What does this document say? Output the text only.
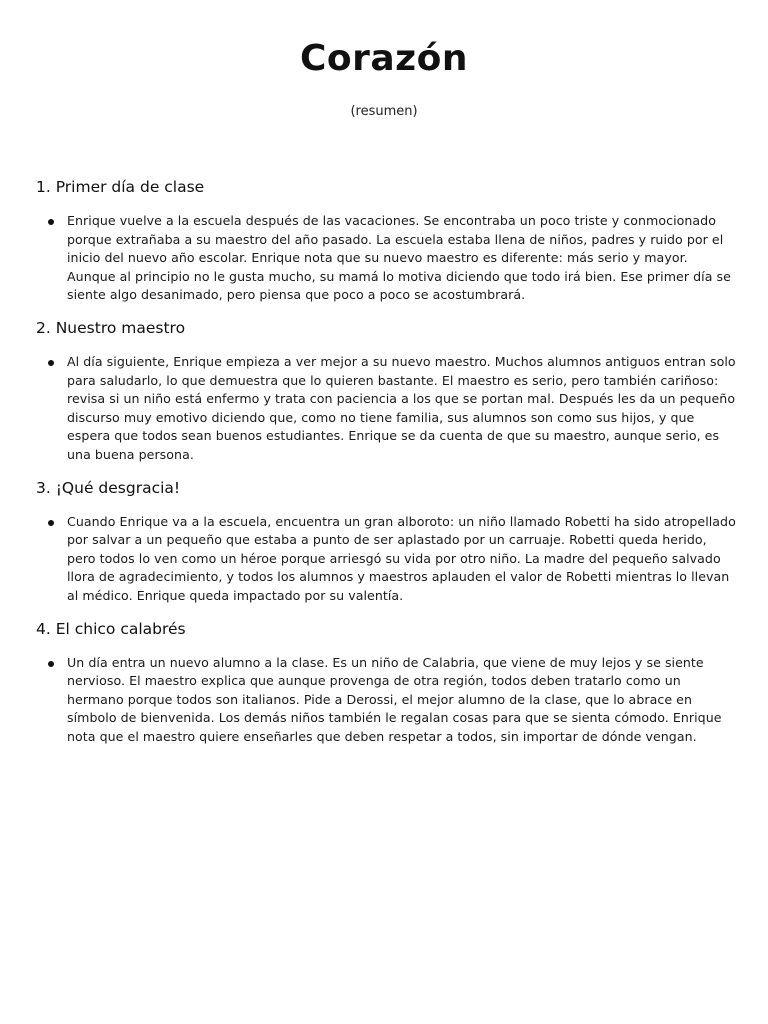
Corazón

(resumen)

1. Primer día de clase

Enrique vuelve a la escuela después de las vacaciones. Se encontraba un poco triste y conmocionado porque extrañaba a su maestro del año pasado. La escuela estaba llena de niños, padres y ruido por el inicio del nuevo año escolar. Enrique nota que su nuevo maestro es diferente: más serio y mayor. Aunque al principio no le gusta mucho, su mamá lo motiva diciendo que todo irá bien. Ese primer día se siente algo desanimado, pero piensa que poco a poco se acostumbrará.

2. Nuestro maestro

Al día siguiente, Enrique empieza a ver mejor a su nuevo maestro. Muchos alumnos antiguos entran solo para saludarlo, lo que demuestra que lo quieren bastante. El maestro es serio, pero también cariñoso: revisa si un niño está enfermo y trata con paciencia a los que se portan mal. Después les da un pequeño discurso muy emotivo diciendo que, como no tiene familia, sus alumnos son como sus hijos, y que espera que todos sean buenos estudiantes. Enrique se da cuenta de que su maestro, aunque serio, es una buena persona.

3. ¡Qué desgracia!

Cuando Enrique va a la escuela, encuentra un gran alboroto: un niño llamado Robetti ha sido atropellado por salvar a un pequeño que estaba a punto de ser aplastado por un carruaje. Robetti queda herido, pero todos lo ven como un héroe porque arriesgó su vida por otro niño. La madre del pequeño salvado llora de agradecimiento, y todos los alumnos y maestros aplauden el valor de Robetti mientras lo llevan al médico. Enrique queda impactado por su valentía.

4. El chico calabrés

Un día entra un nuevo alumno a la clase. Es un niño de Calabria, que viene de muy lejos y se siente nervioso. El maestro explica que aunque provenga de otra región, todos deben tratarlo como un hermano porque todos son italianos. Pide a Derossi, el mejor alumno de la clase, que lo abrace en símbolo de bienvenida. Los demás niños también le regalan cosas para que se sienta cómodo. Enrique nota que el maestro quiere enseñarles que deben respetar a todos, sin importar de dónde vengan.
